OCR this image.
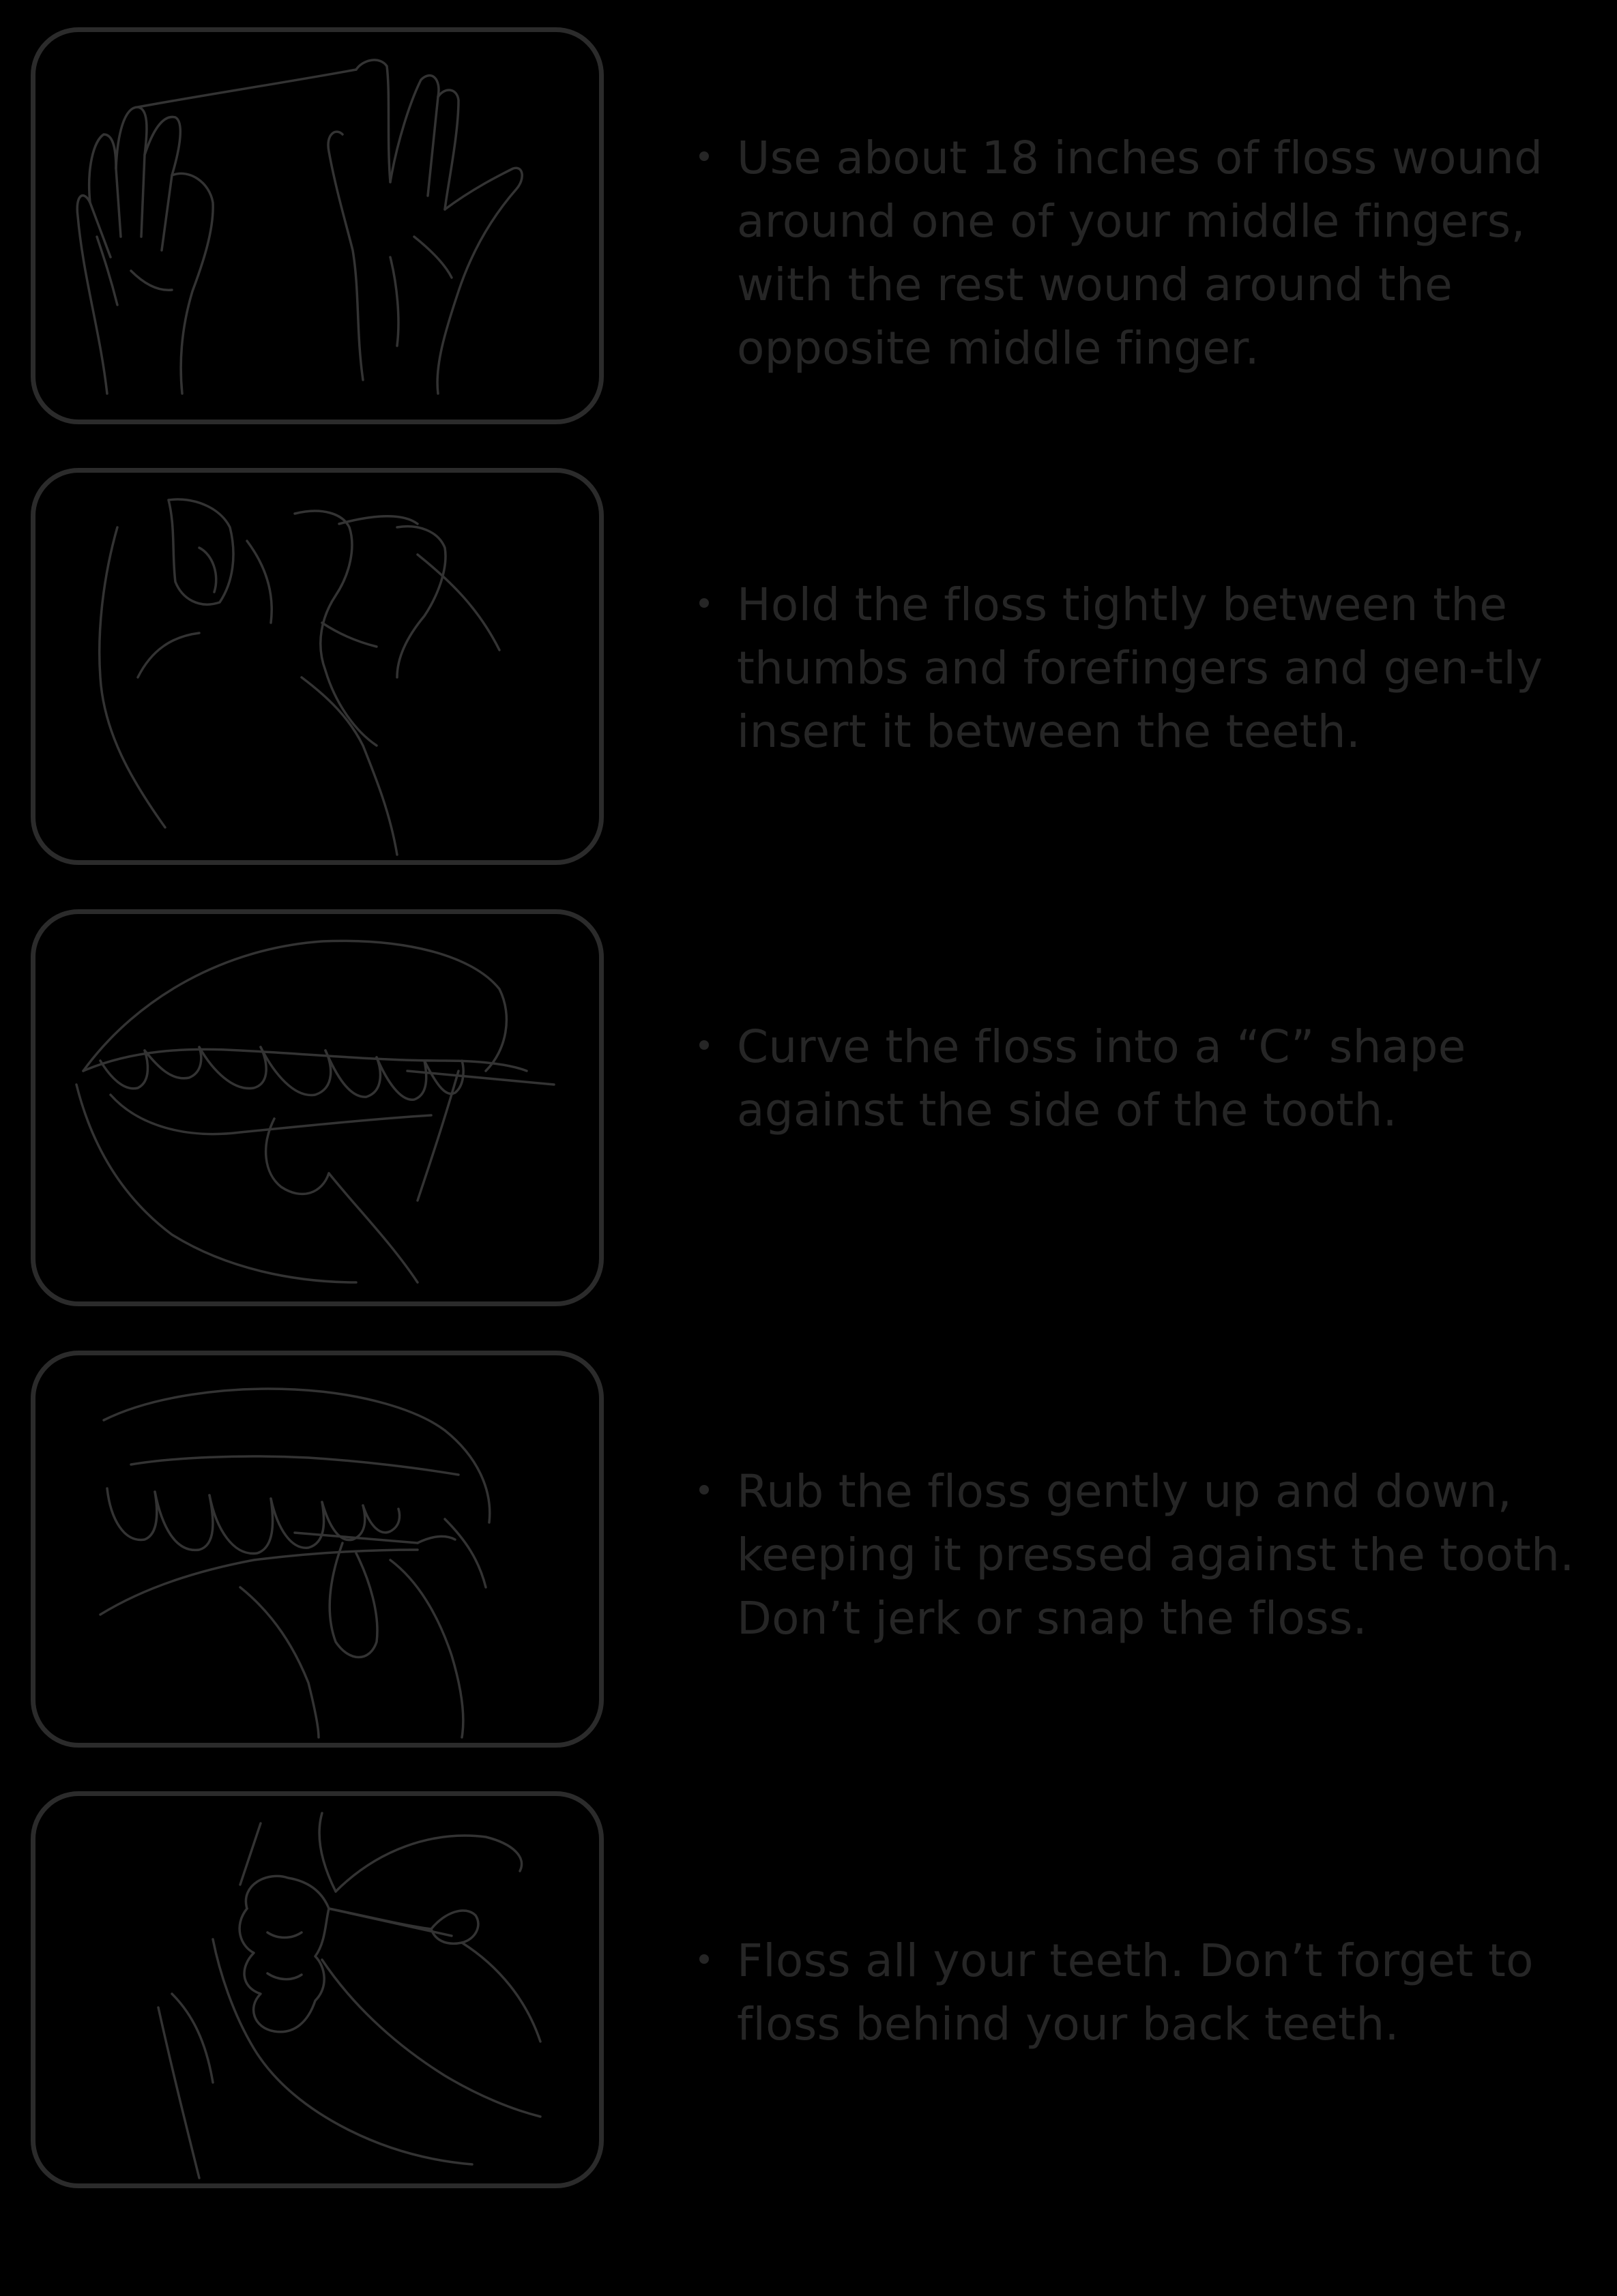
Use about 18 inches of floss wound around one of your middle fingers, with the rest wound around the opposite middle finger.
Hold the floss tightly between the thumbs and forefingers and gen-tly insert it between the teeth.
Curve the floss into a “C” shape against the side of the tooth.
Rub the floss gently up and down, keeping it pressed against the tooth. Don’t jerk or snap the floss.
Floss all your teeth. Don’t forget to floss behind your back teeth.
